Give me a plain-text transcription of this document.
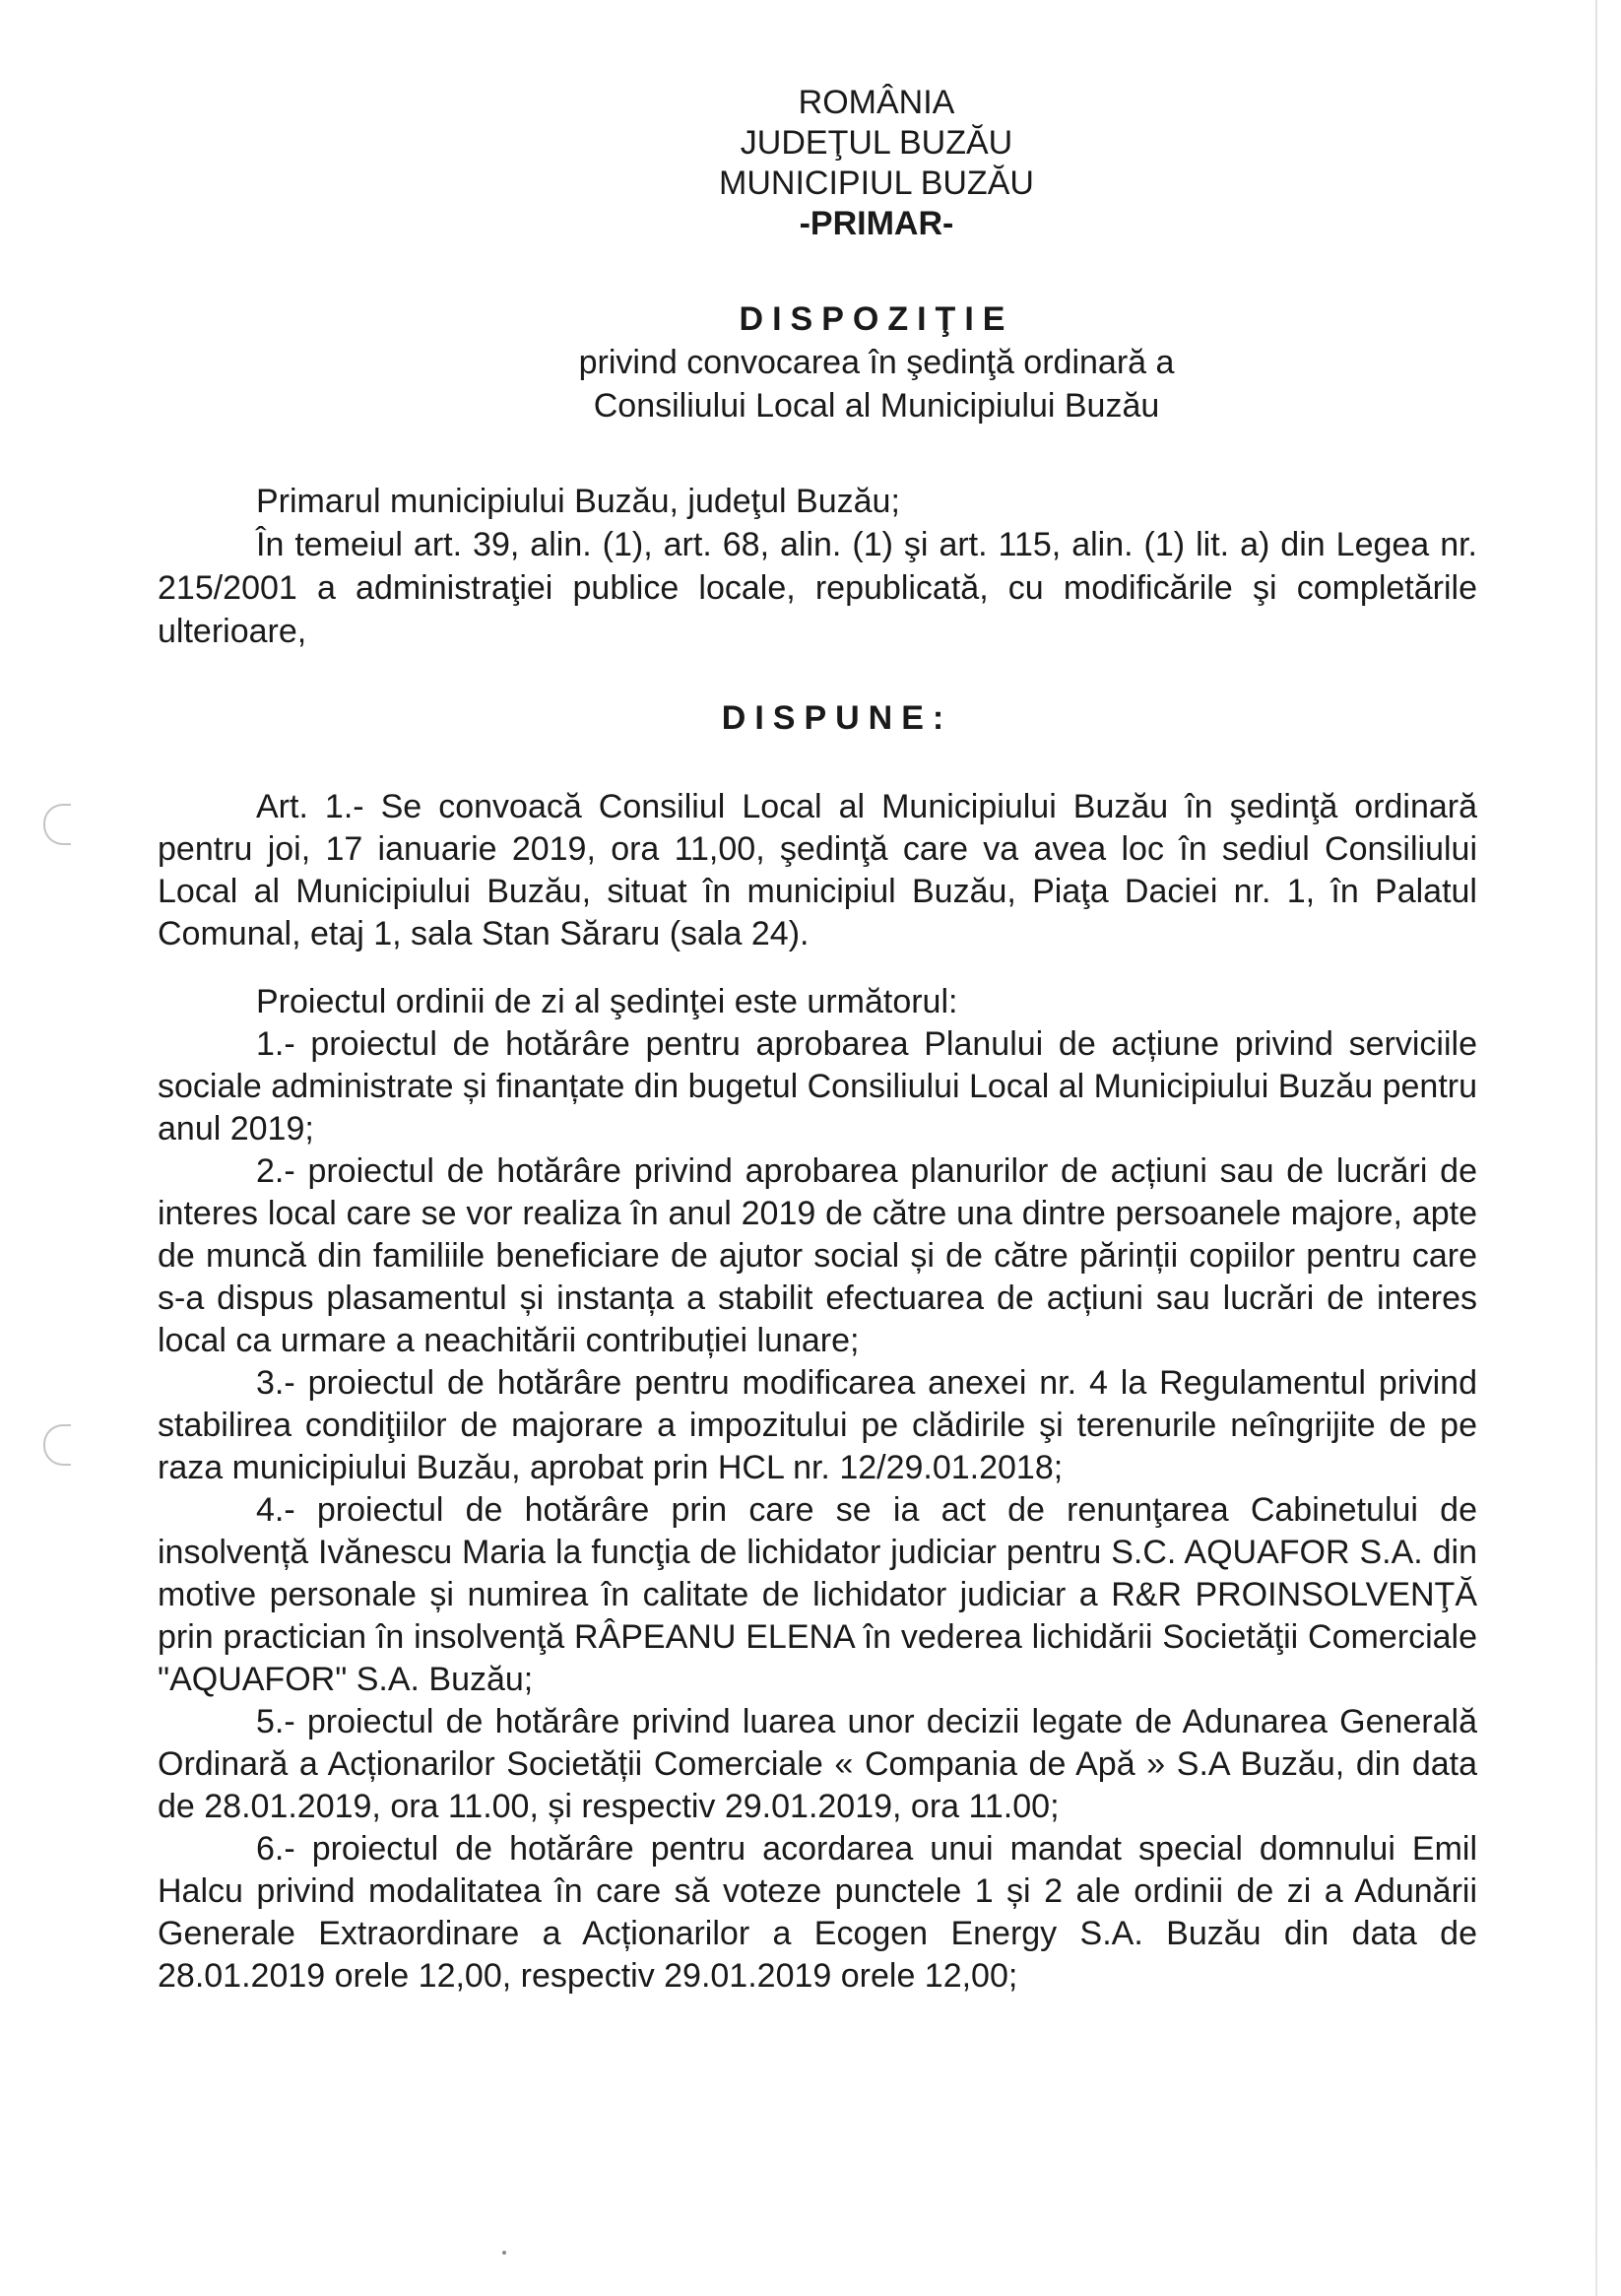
ROMÂNIA
JUDEŢUL BUZĂU
MUNICIPIUL BUZĂU
-PRIMAR-
DISPOZIŢIE
privind convocarea în şedinţă ordinară a
Consiliului Local al Municipiului Buzău

Primarul municipiului Buzău, judeţul Buzău;

În temeiul art. 39, alin. (1), art. 68, alin. (1) şi art. 115, alin. (1) lit. a) din Legea nr. 215/2001 a administraţiei publice locale, republicată, cu modificările şi completările ulterioare,

DISPUNE:

Art. 1.- Se convoacă Consiliul Local al Municipiului Buzău în şedinţă ordinară pentru joi, 17 ianuarie 2019, ora 11,00, şedinţă care va avea loc în sediul Consiliului Local al Municipiului Buzău, situat în municipiul Buzău, Piaţa Daciei nr. 1, în Palatul Comunal, etaj 1, sala Stan Săraru (sala 24).

Proiectul ordinii de zi al şedinţei este următorul:

1.- proiectul de hotărâre pentru aprobarea Planului de acțiune privind serviciile sociale administrate și finanțate din bugetul Consiliului Local al Municipiului Buzău pentru anul 2019;

2.- proiectul de hotărâre privind aprobarea planurilor de acțiuni sau de lucrări de interes local care se vor realiza în anul 2019 de către una dintre persoanele majore, apte de muncă din familiile beneficiare de ajutor social și de către părinții copiilor pentru care s-a dispus plasamentul și instanța a stabilit efectuarea de acțiuni sau lucrări de interes local ca urmare a neachitării contribuției lunare;

3.- proiectul de hotărâre pentru modificarea anexei nr. 4 la Regulamentul privind stabilirea condiţiilor de majorare a impozitului pe clădirile şi terenurile neîngrijite de pe raza municipiului Buzău, aprobat prin HCL nr. 12/29.01.2018;

4.- proiectul de hotărâre prin care se ia act de renunţarea Cabinetului de insolvență Ivănescu Maria la funcţia de lichidator judiciar pentru S.C. AQUAFOR S.A. din motive personale și numirea în calitate de lichidator judiciar a R&R PROINSOLVENŢĂ prin practician în insolvenţă RÂPEANU ELENA în vederea lichidării Societăţii Comerciale "AQUAFOR" S.A. Buzău;

5.- proiectul de hotărâre privind luarea unor decizii legate de Adunarea Generală Ordinară a Acționarilor Societății Comerciale « Compania de Apă » S.A Buzău, din data de 28.01.2019, ora 11.00, și respectiv 29.01.2019, ora 11.00;

6.- proiectul de hotărâre pentru acordarea unui mandat special domnului Emil Halcu privind modalitatea în care să voteze punctele 1 și 2 ale ordinii de zi a Adunării Generale Extraordinare a Acționarilor a Ecogen Energy S.A. Buzău din data de 28.01.2019 orele 12,00, respectiv 29.01.2019 orele 12,00;
